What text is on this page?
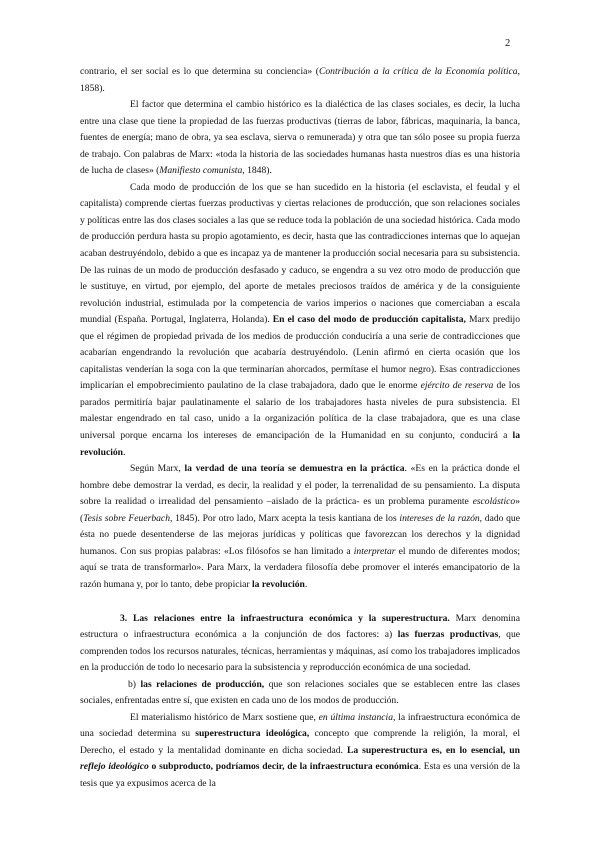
2

contrario, el ser social es lo que determina su conciencia» (Contribución a la crítica de la Economía política, 1858).

El factor que determina el cambio histórico es la dialéctica de las clases sociales, es decir, la lucha entre una clase que tiene la propiedad de las fuerzas productivas (tierras de labor, fábricas, maquinaria, la banca, fuentes de energía; mano de obra, ya sea esclava, sierva o remunerada) y otra que tan sólo posee su propia fuerza de trabajo. Con palabras de Marx: «toda la historia de las sociedades humanas hasta nuestros días es una historia de lucha de clases» (Manifiesto comunista, 1848).

Cada modo de producción de los que se han sucedido en la historia (el esclavista, el feudal y el capitalista) comprende ciertas fuerzas productivas y ciertas relaciones de producción, que son relaciones sociales y políticas entre las dos clases sociales a las que se reduce toda la población de una sociedad histórica. Cada modo de producción perdura hasta su propio agotamiento, es decir, hasta que las contradicciones internas que lo aquejan acaban destruyéndolo, debido a que es incapaz ya de mantener la producción social necesaria para su subsistencia. De las ruinas de un modo de producción desfasado y caduco, se engendra a su vez otro modo de producción que le sustituye, en virtud, por ejemplo, del aporte de metales preciosos traídos de américa y de la consiguiente revolución industrial, estimulada por la competencia de varios imperios o naciones que comerciaban a escala mundial (España. Portugal, Inglaterra, Holanda). En el caso del modo de producción capitalista, Marx predijo que el régimen de propiedad privada de los medios de producción conduciría a una serie de contradicciones que acabarían engendrando la revolución que acabaría destruyéndolo. (Lenin afirmó en cierta ocasión que los capitalistas venderían la soga con la que terminarían ahorcados, permítase el humor negro). Esas contradicciones implicarían el empobrecimiento paulatino de la clase trabajadora, dado que le enorme ejército de reserva de los parados permitiría bajar paulatinamente el salario de los trabajadores hasta niveles de pura subsistencia. El malestar engendrado en tal caso, unido a la organización política de la clase trabajadora, que es una clase universal porque encarna los intereses de emancipación de la Humanidad en su conjunto, conducirá a la revolución.

Según Marx, la verdad de una teoría se demuestra en la práctica. «Es en la práctica donde el hombre debe demostrar la verdad, es decir, la realidad y el poder, la terrenalidad de su pensamiento. La disputa sobre la realidad o irrealidad del pensamiento –aislado de la práctica- es un problema puramente escolástico» (Tesis sobre Feuerbach, 1845). Por otro lado, Marx acepta la tesis kantiana de los intereses de la razón, dado que ésta no puede desentenderse de las mejoras jurídicas y políticas que favorezcan los derechos y la dignidad humanos. Con sus propias palabras: «Los filósofos se han limitado a interpretar el mundo de diferentes modos; aquí se trata de transformarlo». Para Marx, la verdadera filosofía debe promover el interés emancipatorio de la razón humana y, por lo tanto, debe propiciar la revolución.

3. Las relaciones entre la infraestructura económica y la superestructura. Marx denomina estructura o infraestructura económica a la conjunción de dos factores: a) las fuerzas productivas, que comprenden todos los recursos naturales, técnicas, herramientas y máquinas, así como los trabajadores implicados en la producción de todo lo necesario para la subsistencia y reproducción económica de una sociedad.

b) las relaciones de producción, que son relaciones sociales que se establecen entre las clases sociales, enfrentadas entre sí, que existen en cada uno de los modos de producción.

El materialismo histórico de Marx sostiene que, en última instancia, la infraestructura económica de una sociedad determina su superestructura ideológica, concepto que comprende la religión, la moral, el Derecho, el estado y la mentalidad dominante en dicha sociedad. La superestructura es, en lo esencial, un reflejo ideológico o subproducto, podríamos decir, de la infraestructura económica. Esta es una versión de la tesis que ya expusimos acerca de la
